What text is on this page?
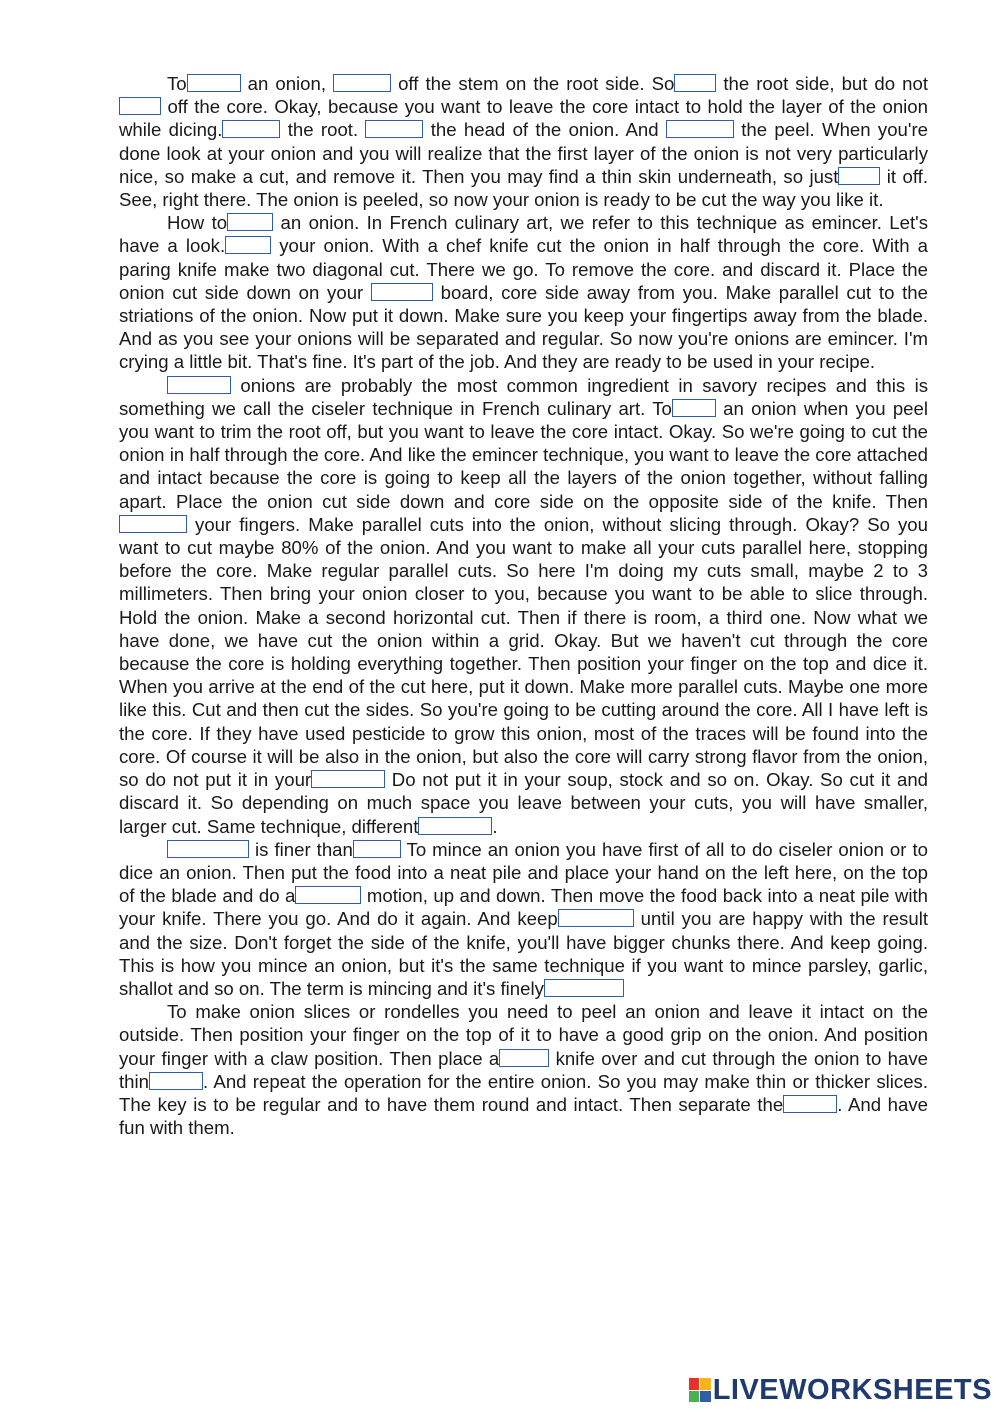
To	an onion,	off the stem on the root side. So the root side, but do not off the core. Okay, because you want to leave the core intact to hold the layer of the onion while dicing.	the root.	the head of the onion. And	the peel. When you're done look at your onion and you will realize that the first layer of the onion is not very particularly nice, so make a cut, and remove it. Then you may find a thin skin underneath, so just it off. See, right there. The onion is peeled, so now your onion is ready to be cut the way you like it.

How to an onion. In French culinary art, we refer to this technique as emincer. Let's have a look. your onion. With a chef knife cut the onion in half through the core. With a paring knife make two diagonal cut. There we go. To remove the core. and discard it. Place the onion cut side down on your	board, core side away from you. Make parallel cut to the striations of the onion. Now put it down. Make sure you keep your fingertips away from the blade. And as you see your onions will be separated and regular. So now you're onions are emincer. I'm crying a little bit. That's fine. It's part of the job. And they are ready to be used in your recipe.

onions are probably the most common ingredient in savory recipes and this is something we call the ciseler technique in French culinary art. To an onion when you peel you want to trim the root off, but you want to leave the core intact. Okay. So we're going to cut the onion in half through the core. And like the emincer technique, you want to leave the core attached and intact because the core is going to keep all the layers of the onion together, without falling apart. Place the onion cut side down and core side on the opposite side of the knife. Then  your fingers. Make parallel cuts into the onion, without slicing through. Okay? So you want to cut maybe 80% of the onion. And you want to make all your cuts parallel here, stopping before the core. Make regular parallel cuts. So here I'm doing my cuts small, maybe 2 to 3 millimeters. Then bring your onion closer to you, because you want to be able to slice through. Hold the onion. Make a second horizontal cut. Then if there is room, a third one. Now what we have done, we have cut the onion within a grid. Okay. But we haven't cut through the core because the core is holding everything together. Then position your finger on the top and dice it. When you arrive at the end of the cut here, put it down. Make more parallel cuts. Maybe one more like this. Cut and then cut the sides. So you're going to be cutting around the core. All I have left is the core. If they have used pesticide to grow this onion, most of the traces will be found into the core. Of course it will be also in the onion, but also the core will carry strong flavor from the onion, so do not put it in your	Do not put it in your soup, stock and so on. Okay. So cut it and discard it. So depending on much space you leave between your cuts, you will have smaller, larger cut. Same technique, different	.

is finer than	To mince an onion you have first of all to do ciseler onion or to dice an onion. Then put the food into a neat pile and place your hand on the left here, on the top of the blade and do a	motion, up and down. Then move the food back into a neat pile with your knife. There you go. And do it again. And keep	until you are happy with the result and the size. Don't forget the side of the knife, you'll have bigger chunks there. And keep going. This is how you mince an onion, but it's the same technique if you want to mince parsley, garlic, shallot and so on. The term is mincing and it's finely

To make onion slices or rondelles you need to peel an onion and leave it intact on the outside. Then position your finger on the top of it to have a good grip on the onion. And position your finger with a claw position. Then place a	knife over and cut through the onion to have thin	. And repeat the operation for the entire onion. So you may make thin or thicker slices. The key is to be regular and to have them round and intact. Then separate the	. And have fun with them.

LIVEWORKSHEETS
